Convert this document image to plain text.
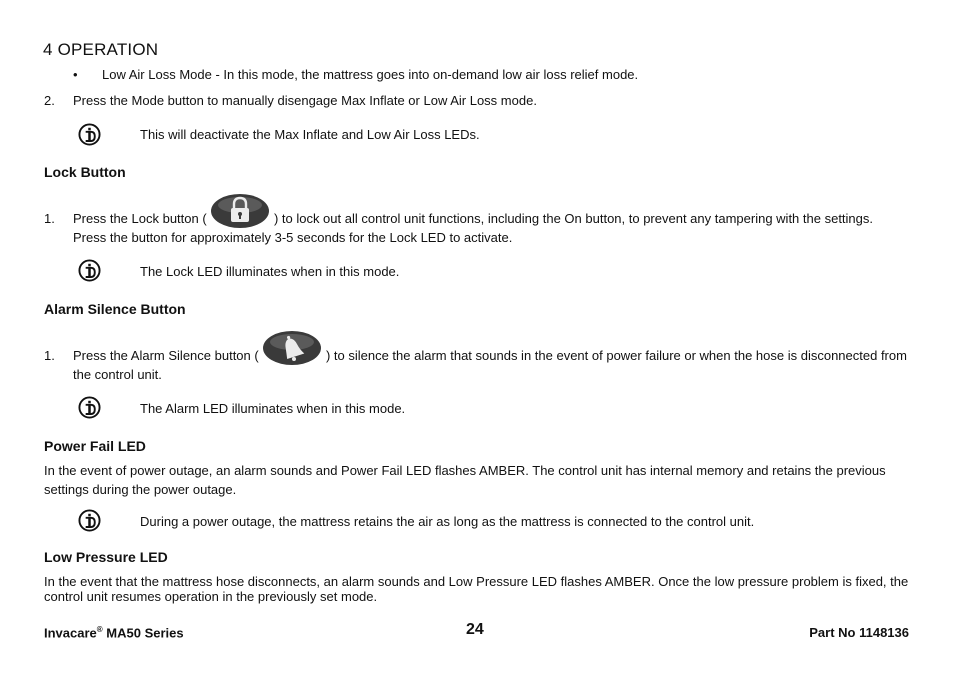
4 OPERATION
• Low Air Loss Mode - In this mode, the mattress goes into on-demand low air loss relief mode.
2. Press the Mode button to manually disengage Max Inflate or Low Air Loss mode.
This will deactivate the Max Inflate and Low Air Loss LEDs.
Lock Button
1. Press the Lock button (	) to lock out all control unit functions, including the On button, to prevent any tampering with the settings.
Press the button for approximately 3-5 seconds for the Lock LED to activate.
The Lock LED illuminates when in this mode.
Alarm Silence Button
1. Press the Alarm Silence button (	) to silence the alarm that sounds in the event of power failure or when the hose is disconnected from
the control unit.
The Alarm LED illuminates when in this mode.
Power Fail LED
In the event of power outage, an alarm sounds and Power Fail LED flashes AMBER. The control unit has internal memory and retains the previous
settings during the power outage.
During a power outage, the mattress retains the air as long as the mattress is connected to the control unit.
Low Pressure LED
In the event that the mattress hose disconnects, an alarm sounds and Low Pressure LED flashes AMBER. Once the low pressure problem is fixed, the
control unit resumes operation in the previously set mode.
Invacare® MA50 Series	24	Part No 1148136
